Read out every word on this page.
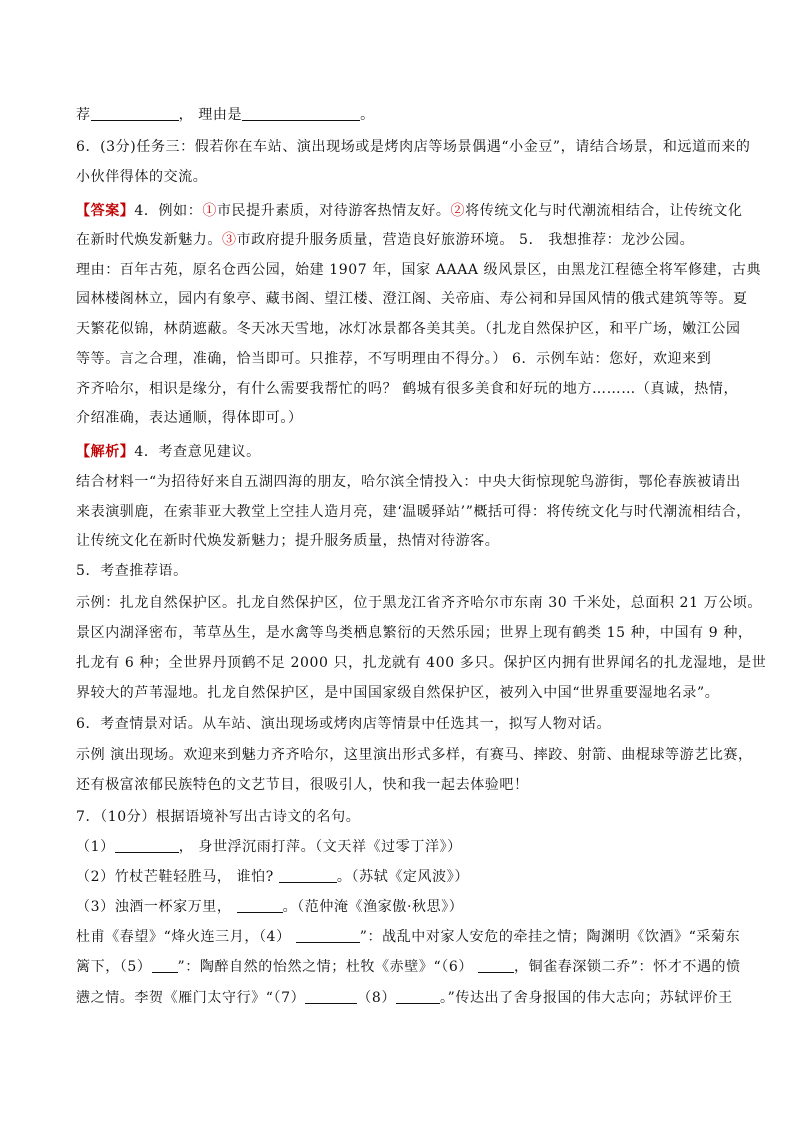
荐	， 理由是	。
6．(3分)任务三：假若你在车站、演出现场或是烤肉店等场景偶遇“小金豆”，请结合场景，和远道而来的
小伙伴得体的交流。
【答案】4．例如：①市民提升素质，对待游客热情友好。②将传统文化与时代潮流相结合，让传统文化
在新时代焕发新魅力。③市政府提升服务质量，营造良好旅游环境。 5． 我想推荐：龙沙公园。
理由：百年古苑，原名仓西公园，始建 1907 年，国家 AAAA 级风景区，由黑龙江程德全将军修建，古典
园林楼阁林立，园内有象亭、藏书阁、望江楼、澄江阁、关帝庙、寿公祠和异国风情的俄式建筑等等。夏
天繁花似锦，林荫遮蔽。冬天冰天雪地，冰灯冰景都各美其美。（扎龙自然保护区，和平广场，嫩江公园
等等。言之合理，准确，恰当即可。只推荐，不写明理由不得分。） 6．示例车站：您好，欢迎来到
齐齐哈尔，相识是缘分，有什么需要我帮忙的吗？ 鹤城有很多美食和好玩的地方………（真诚，热情，
介绍准确，表达通顺，得体即可。）
【解析】4．考查意见建议。
结合材料一“为招待好来自五湖四海的朋友，哈尔滨全情投入：中央大街惊现鸵鸟游街，鄂伦春族被请出
来表演驯鹿，在索菲亚大教堂上空挂人造月亮，建‘温暖驿站’”概括可得：将传统文化与时代潮流相结合，
让传统文化在新时代焕发新魅力；提升服务质量，热情对待游客。
5．考查推荐语。
示例：扎龙自然保护区。扎龙自然保护区，位于黑龙江省齐齐哈尔市东南 30 千米处，总面积 21 万公顷。
景区内湖泽密布，苇草丛生，是水禽等鸟类栖息繁衍的天然乐园；世界上现有鹤类 15 种，中国有 9 种，
扎龙有 6 种；全世界丹顶鹤不足 2000 只，扎龙就有 400 多只。保护区内拥有世界闻名的扎龙湿地，是世
界较大的芦苇湿地。扎龙自然保护区，是中国国家级自然保护区，被列入中国“世界重要湿地名录”。
6．考查情景对话。从车站、演出现场或烤肉店等情景中任选其一，拟写人物对话。
示例 演出现场。欢迎来到魅力齐齐哈尔，这里演出形式多样，有赛马、摔跤、射箭、曲棍球等游艺比赛，
还有极富浓郁民族特色的文艺节目，很吸引人，快和我一起去体验吧！
7．（10分）根据语境补写出古诗文的名句。
（1）	， 身世浮沉雨打萍。（文天祥《过零丁洋》）
（2）竹杖芒鞋轻胜马， 谁怕?	。（苏轼《定风波》）
（3）浊酒一杯家万里，	。（范仲淹《渔家傲·秋思》）
杜甫《春望》“烽火连三月，（4）	”：战乱中对家人安危的牵挂之情；陶渊明《饮酒》“采菊东
篱下，（5） ”：陶醉自然的怡然之情；杜牧《赤壁》“（6）	，铜雀春深锁二乔”：怀才不遇的愤
懑之情。李贺《雁门太守行》“（7）	（8）	。”传达出了舍身报国的伟大志向；苏轼评价王
